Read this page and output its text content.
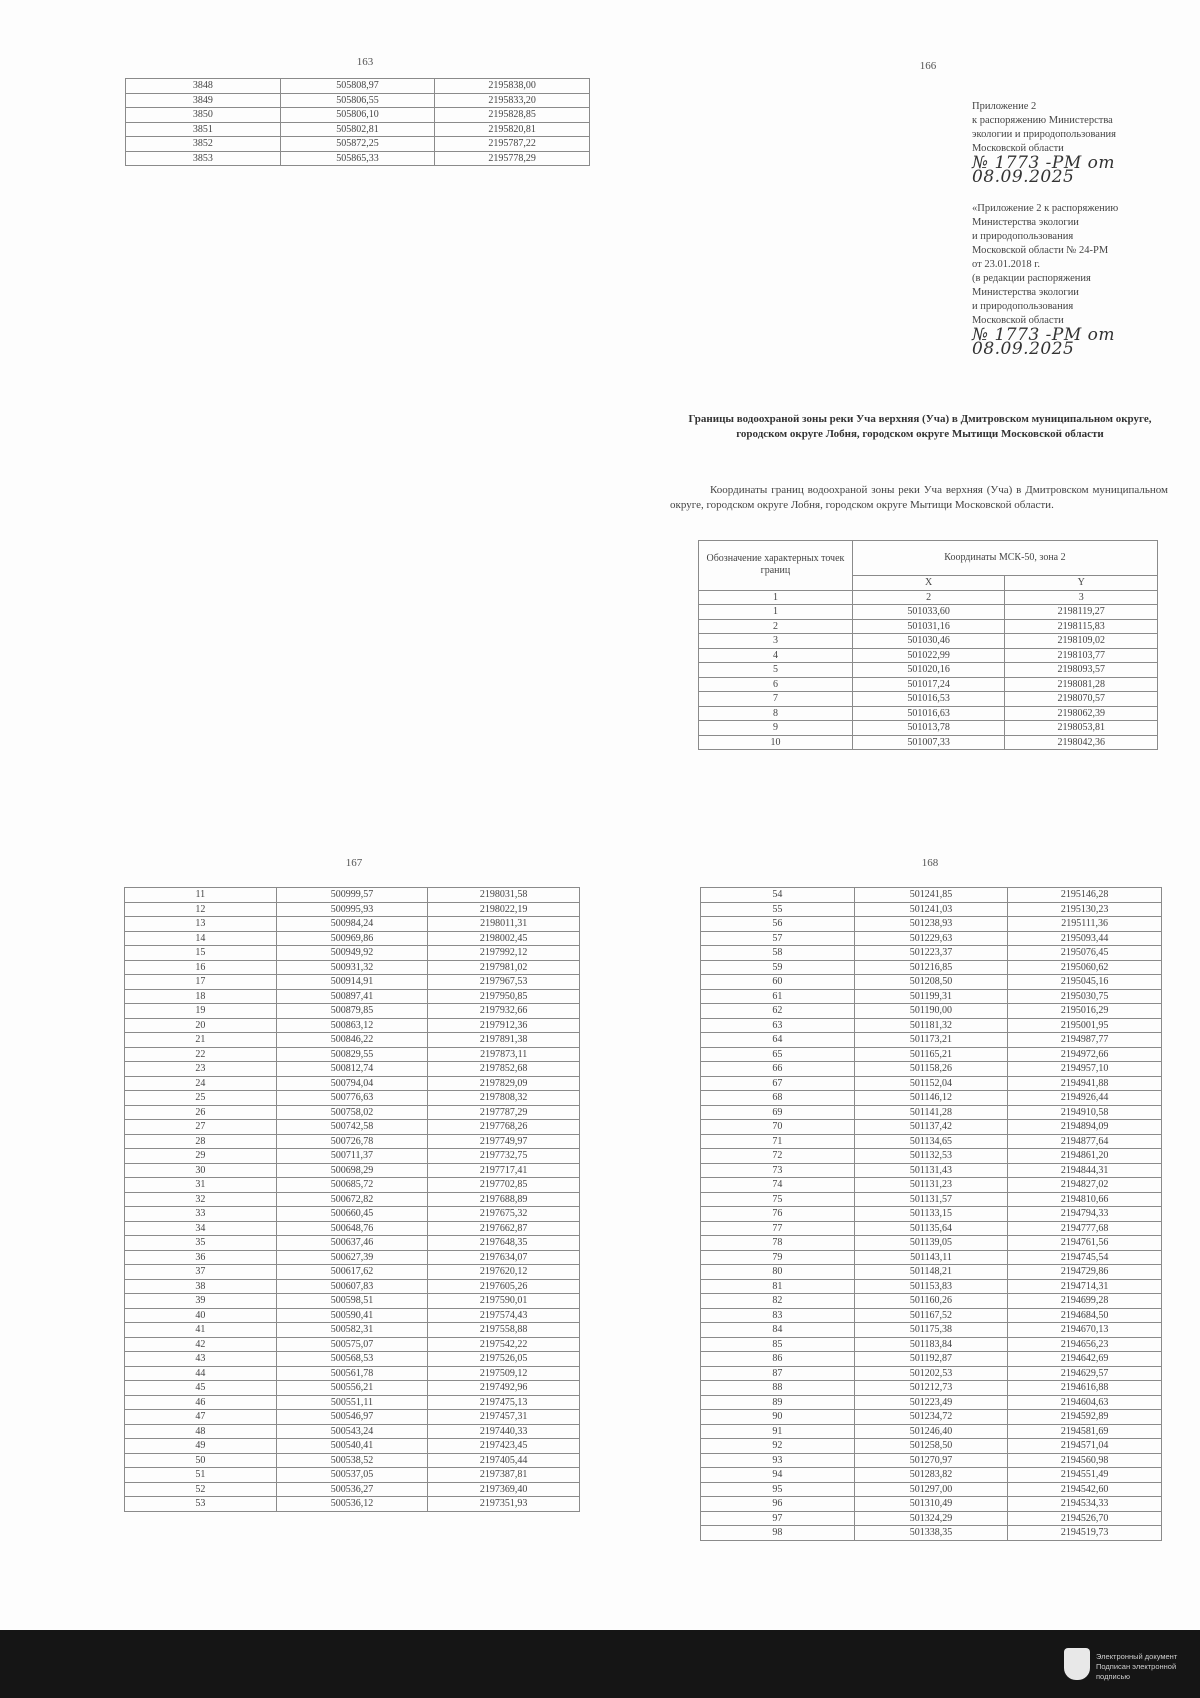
163
3848	505808,97	2195838,00
3849	505806,55	2195833,20
3850	505806,10	2195828,85
3851	505802,81	2195820,81
3852	505872,25	2195787,22
3853	505865,33	2195778,29
166
Приложение 2
к распоряжению Министерства
экологии и природопользования
Московской области
№ 1773 -РМ от 08.09.2025
«Приложение 2 к распоряжению
Министерства экологии
и природопользования
Московской области № 24-РМ
от 23.01.2018 г.
(в редакции распоряжения
Министерства экологии
и природопользования
Московской области
№ 1773 -РМ от 08.09.2025
Границы водоохраной зоны реки Уча верхняя (Уча) в Дмитровском муниципальном округе, городском округе Лобня, городском округе Мытищи Московской области
Координаты границ водоохраной зоны реки Уча верхняя (Уча) в Дмитровском муниципальном округе, городском округе Лобня, городском округе Мытищи Московской области.
Обозначение характерных точек границ	Координаты МСК-50, зона 2	
	X	Y
1	2	3
1	501033,60	2198119,27
2	501031,16	2198115,83
3	501030,46	2198109,02
4	501022,99	2198103,77
5	501020,16	2198093,57
6	501017,24	2198081,28
7	501016,53	2198070,57
8	501016,63	2198062,39
9	501013,78	2198053,81
10	501007,33	2198042,36
167
11	500999,57	2198031,58
12	500995,93	2198022,19
13	500984,24	2198011,31
14	500969,86	2198002,45
15	500949,92	2197992,12
16	500931,32	2197981,02
17	500914,91	2197967,53
18	500897,41	2197950,85
19	500879,85	2197932,66
20	500863,12	2197912,36
21	500846,22	2197891,38
22	500829,55	2197873,11
23	500812,74	2197852,68
24	500794,04	2197829,09
25	500776,63	2197808,32
26	500758,02	2197787,29
27	500742,58	2197768,26
28	500726,78	2197749,97
29	500711,37	2197732,75
30	500698,29	2197717,41
31	500685,72	2197702,85
32	500672,82	2197688,89
33	500660,45	2197675,32
34	500648,76	2197662,87
35	500637,46	2197648,35
36	500627,39	2197634,07
37	500617,62	2197620,12
38	500607,83	2197605,26
39	500598,51	2197590,01
40	500590,41	2197574,43
41	500582,31	2197558,88
42	500575,07	2197542,22
43	500568,53	2197526,05
44	500561,78	2197509,12
45	500556,21	2197492,96
46	500551,11	2197475,13
47	500546,97	2197457,31
48	500543,24	2197440,33
49	500540,41	2197423,45
50	500538,52	2197405,44
51	500537,05	2197387,81
52	500536,27	2197369,40
53	500536,12	2197351,93
168
54	501241,85	2195146,28
55	501241,03	2195130,23
56	501238,93	2195111,36
57	501229,63	2195093,44
58	501223,37	2195076,45
59	501216,85	2195060,62
60	501208,50	2195045,16
61	501199,31	2195030,75
62	501190,00	2195016,29
63	501181,32	2195001,95
64	501173,21	2194987,77
65	501165,21	2194972,66
66	501158,26	2194957,10
67	501152,04	2194941,88
68	501146,12	2194926,44
69	501141,28	2194910,58
70	501137,42	2194894,09
71	501134,65	2194877,64
72	501132,53	2194861,20
73	501131,43	2194844,31
74	501131,23	2194827,02
75	501131,57	2194810,66
76	501133,15	2194794,33
77	501135,64	2194777,68
78	501139,05	2194761,56
79	501143,11	2194745,54
80	501148,21	2194729,86
81	501153,83	2194714,31
82	501160,26	2194699,28
83	501167,52	2194684,50
84	501175,38	2194670,13
85	501183,84	2194656,23
86	501192,87	2194642,69
87	501202,53	2194629,57
88	501212,73	2194616,88
89	501223,49	2194604,63
90	501234,72	2194592,89
91	501246,40	2194581,69
92	501258,50	2194571,04
93	501270,97	2194560,98
94	501283,82	2194551,49
95	501297,00	2194542,60
96	501310,49	2194534,33
97	501324,29	2194526,70
98	501338,35	2194519,73
Электронный документ
Подписан электронной подписью
